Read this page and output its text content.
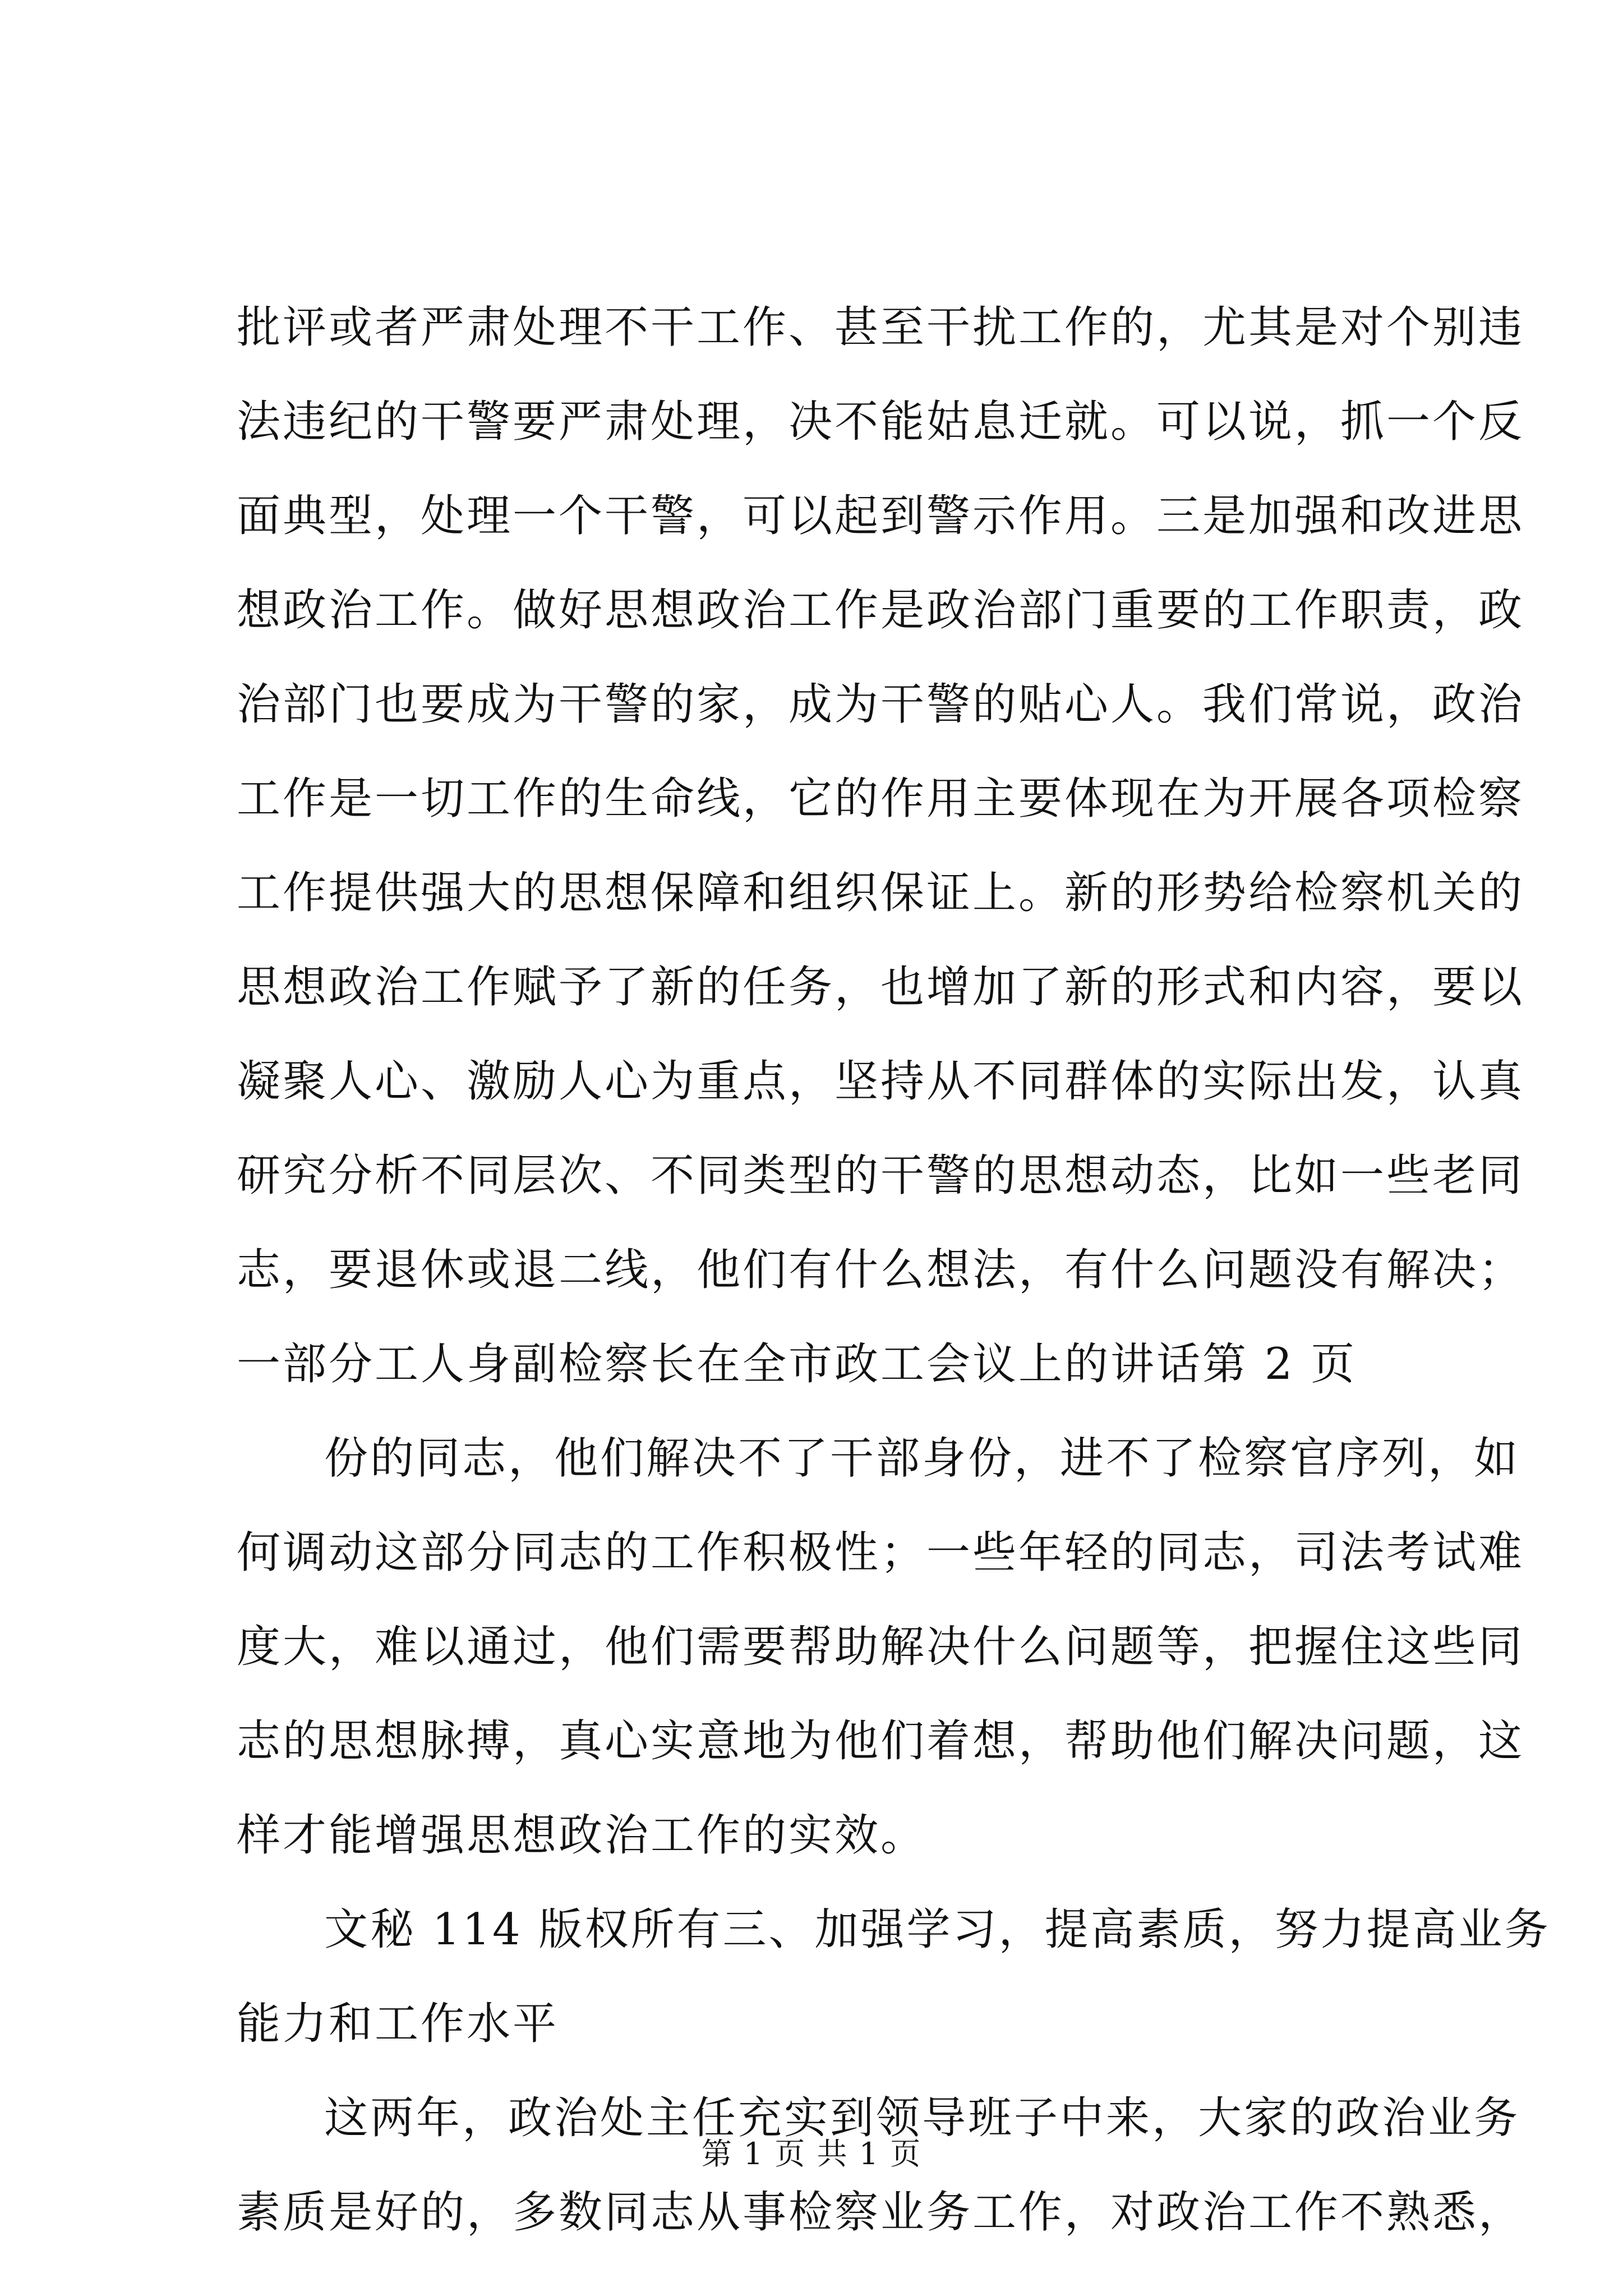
批评或者严肃处理不干工作、甚至干扰工作的，尤其是对个别违
法违纪的干警要严肃处理，决不能姑息迁就。可以说，抓一个反
面典型，处理一个干警，可以起到警示作用。三是加强和改进思
想政治工作。做好思想政治工作是政治部门重要的工作职责，政
治部门也要成为干警的家，成为干警的贴心人。我们常说，政治
工作是一切工作的生命线，它的作用主要体现在为开展各项检察
工作提供强大的思想保障和组织保证上。新的形势给检察机关的
思想政治工作赋予了新的任务，也增加了新的形式和内容，要以
凝聚人心、激励人心为重点，坚持从不同群体的实际出发，认真
研究分析不同层次、不同类型的干警的思想动态，比如一些老同
志，要退休或退二线，他们有什么想法，有什么问题没有解决；
一部分工人身副检察长在全市政工会议上的讲话第 2 页
份的同志，他们解决不了干部身份，进不了检察官序列，如
何调动这部分同志的工作积极性；一些年轻的同志，司法考试难
度大，难以通过，他们需要帮助解决什么问题等，把握住这些同
志的思想脉搏，真心实意地为他们着想，帮助他们解决问题，这
样才能增强思想政治工作的实效。
文秘 114 版权所有三、加强学习，提高素质，努力提高业务
能力和工作水平
这两年，政治处主任充实到领导班子中来，大家的政治业务
素质是好的，多数同志从事检察业务工作，对政治工作不熟悉，
第 1 页 共 1 页
